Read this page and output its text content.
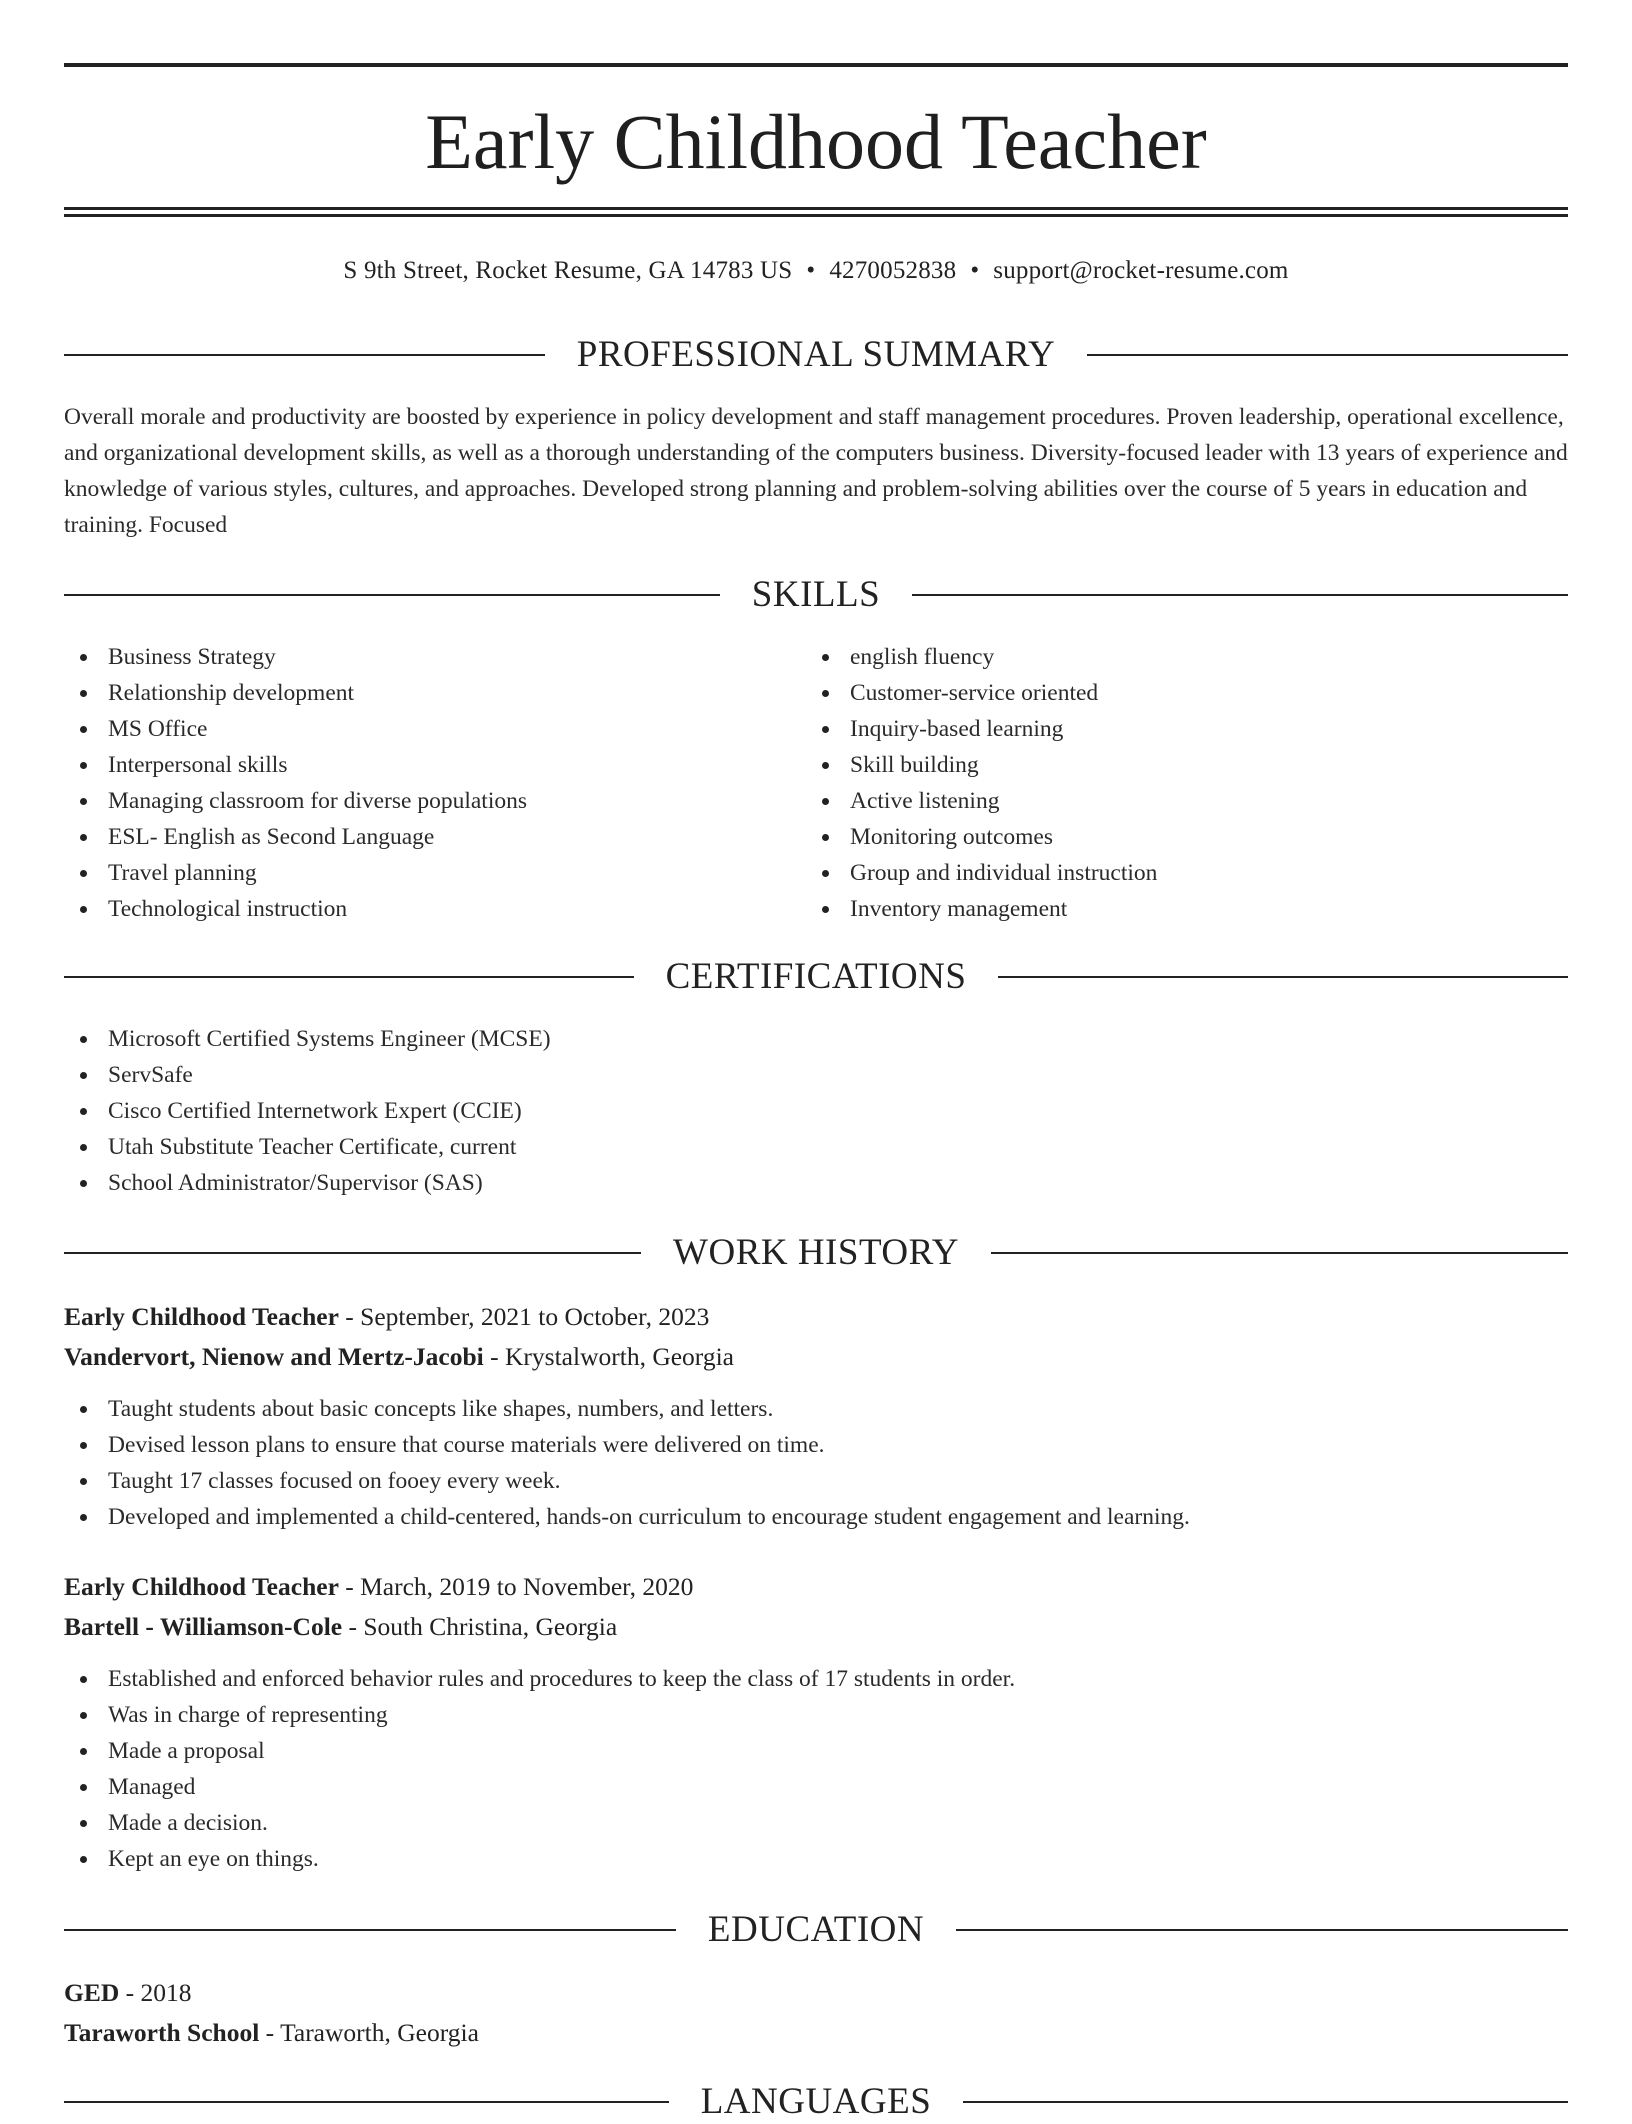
Early Childhood Teacher
S 9th Street, Rocket Resume, GA 14783 US • 4270052838 • support@rocket-resume.com
PROFESSIONAL SUMMARY

Overall morale and productivity are boosted by experience in policy development and staff management procedures. Proven leadership, operational excellence, and organizational development skills, as well as a thorough understanding of the computers business. Diversity-focused leader with 13 years of experience and knowledge of various styles, cultures, and approaches. Developed strong planning and problem-solving abilities over the course of 5 years in education and training. Focused

SKILLS
Business Strategy
Relationship development
MS Office
Interpersonal skills
Managing classroom for diverse populations
ESL- English as Second Language
Travel planning
Technological instruction
english fluency
Customer-service oriented
Inquiry-based learning
Skill building
Active listening
Monitoring outcomes
Group and individual instruction
Inventory management
CERTIFICATIONS
Microsoft Certified Systems Engineer (MCSE)
ServSafe
Cisco Certified Internetwork Expert (CCIE)
Utah Substitute Teacher Certificate, current
School Administrator/Supervisor (SAS)
WORK HISTORY
Early Childhood Teacher - September, 2021 to October, 2023
Vandervort, Nienow and Mertz-Jacobi - Krystalworth, Georgia
Taught students about basic concepts like shapes, numbers, and letters.
Devised lesson plans to ensure that course materials were delivered on time.
Taught 17 classes focused on fooey every week.
Developed and implemented a child-centered, hands-on curriculum to encourage student engagement and learning.
Early Childhood Teacher - March, 2019 to November, 2020
Bartell - Williamson-Cole - South Christina, Georgia
Established and enforced behavior rules and procedures to keep the class of 17 students in order.
Was in charge of representing
Made a proposal
Managed
Made a decision.
Kept an eye on things.
EDUCATION
GED - 2018
Taraworth School - Taraworth, Georgia
LANGUAGES
